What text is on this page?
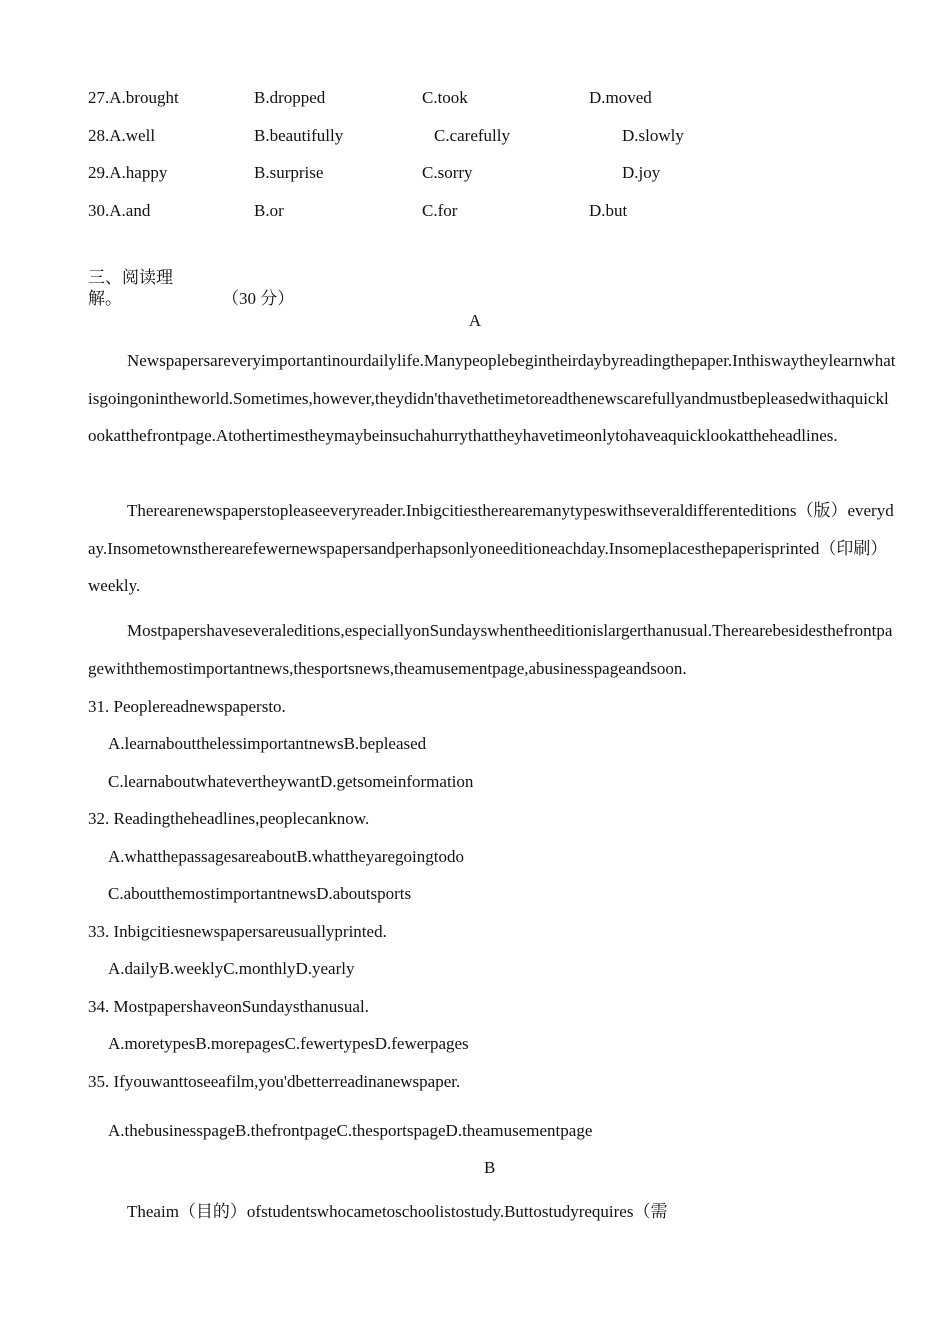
27.A.brought	B.dropped	C.took	D.moved
28.A.well	B.beautifully	C.carefully	D.slowly
29.A.happy	B.surprise	C.sorry	D.joy
30.A.and	B.or	C.for	D.but
三、阅读理
解。	（30 分）
A
Newspapersareveryimportantinourdailylife.Manypeoplebegintheirdaybyreadingthepaper.Inthiswaytheylearnwhatisgoingonintheworld.Sometimes,however,theydidn'thavethetimetoreadthenewscarefullyandmustbepleasedwithaquicklookatthefrontpage.Atothertimestheymaybeinsuchahurrythattheyhavetimeonlytohaveaquicklookattheheadlines.
Therearenewspaperstopleaseeveryreader.Inbigcitiestherearemanytypeswithseveraldifferenteditions（版）everyday.Insometownstherearefewernewspapersandperhapsonlyoneeditioneachday.Insomeplacesthepaperisprinted（印刷）weekly.
Mostpapershaveseveraleditions,especiallyonSundayswhentheeditionislargerthanusual.Therearebesidesthefrontpagewiththemostimportantnews,thesportsnews,theamusementpage,abusinesspageandsoon.
31. Peoplereadnewspapersto.
A.learnaboutthelessimportantnewsB.bepleased
C.learnaboutwhatevertheywantD.getsomeinformation
32. Readingtheheadlines,peoplecanknow.
A.whatthepassagesareaboutB.whattheyaregoingtodo
C.aboutthemostimportantnewsD.aboutsports
33. Inbigcitiesnewspapersareusuallyprinted.
A.dailyB.weeklyC.monthlyD.yearly
34. MostpapershaveonSundaysthanusual.
A.moretypesB.morepagesC.fewertypesD.fewerpages
35. Ifyouwanttoseeafilm,you'dbetterreadinanewspaper.
A.thebusinesspageB.thefrontpageC.thesportspageD.theamusementpage
B
Theaim（目的）ofstudentswhocametoschoolistostudy.Buttostudyrequires（需
